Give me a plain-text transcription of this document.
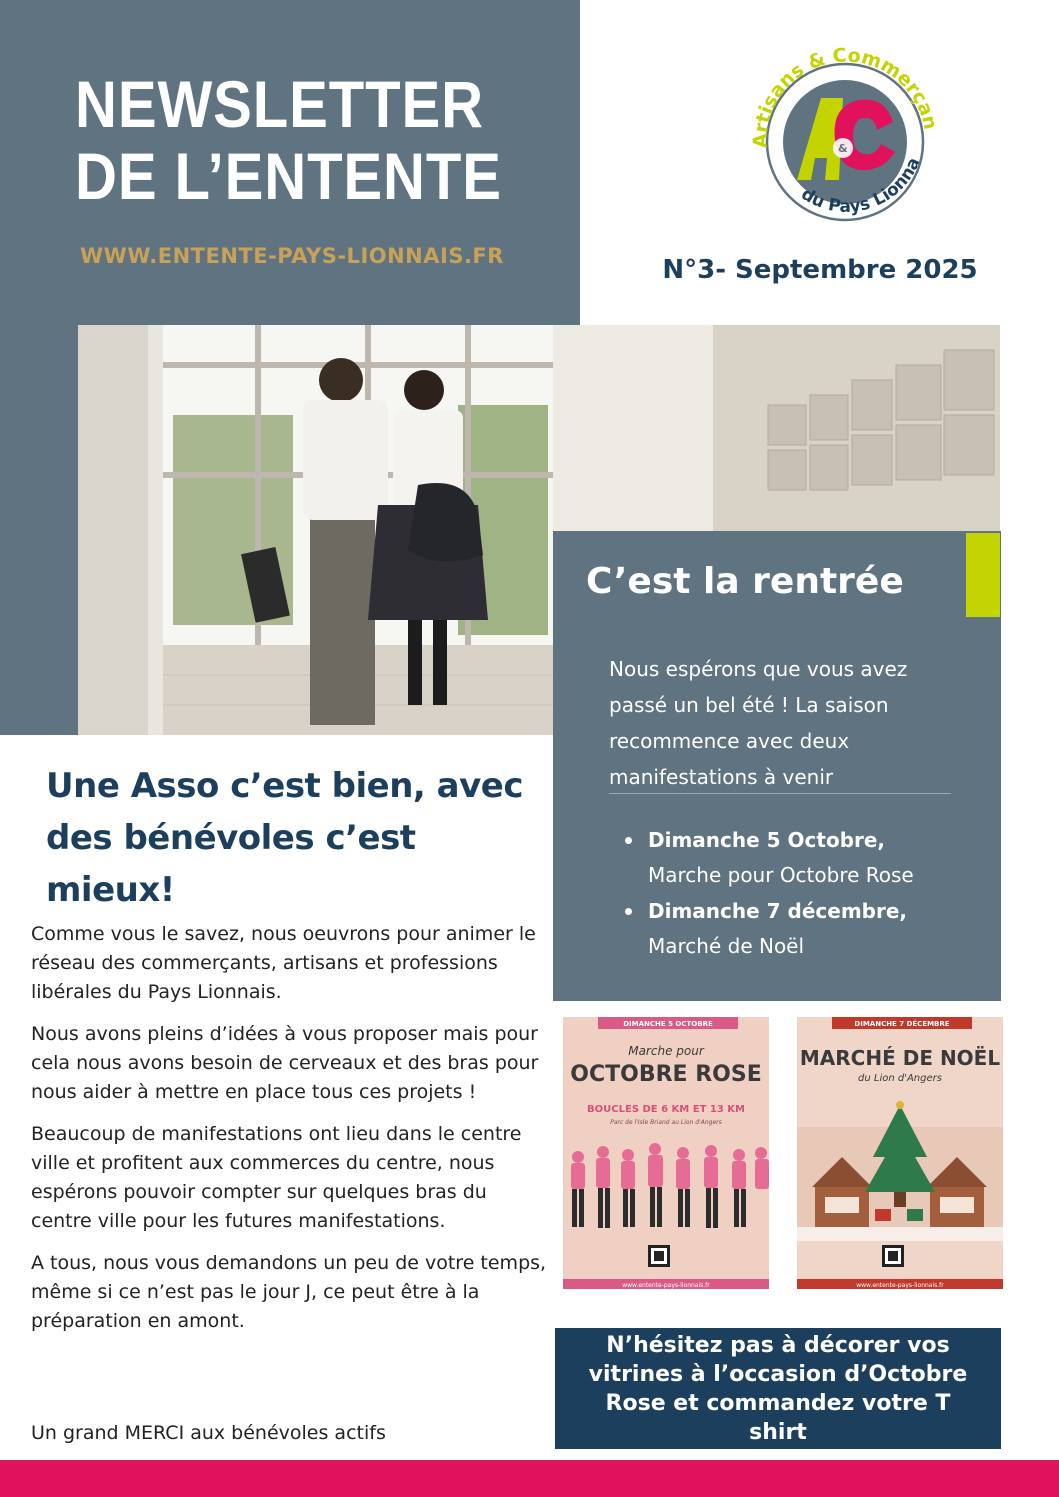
NEWSLETTER
DE L’ENTENTE
WWW.ENTENTE-PAYS-LIONNAIS.FR
&
Artisans & Commerçan
du Pays Lionna
N°3- Septembre 2025
C’est la rentrée
Nous espérons que vous avez passé un bel été ! La saison recommence avec deux manifestations à venir
Dimanche 5 Octobre,
Marche pour Octobre Rose
Dimanche 7 décembre,
Marché de Noël
Une Asso c’est bien, avec des bénévoles c’est mieux!

Comme vous le savez, nous oeuvrons pour animer le réseau des commerçants, artisans et professions libérales du Pays Lionnais.

Nous avons pleins d’idées à vous proposer mais pour cela nous avons besoin de cerveaux et des bras pour nous aider à mettre en place tous ces projets !

Beaucoup de manifestations ont lieu dans le centre ville et profitent aux commerces du centre, nous espérons pouvoir compter sur quelques bras du centre ville pour les futures manifestations.

A tous, nous vous demandons un peu de votre temps, même si ce n’est pas le jour J, ce peut être à la préparation en amont.

Un grand MERCI aux bénévoles actifs
DIMANCHE 5 OCTOBRE
Marche pour
OCTOBRE ROSE
BOUCLES DE 6 KM ET 13 KM
Parc de l'Isle Briand au Lion d'Angers
www.entente-pays-lionnais.fr
DIMANCHE 7 DÉCEMBRE
MARCHÉ DE NOËL
du Lion d'Angers
www.entente-pays-lionnais.fr
N’hésitez pas à décorer vos vitrines à l’occasion d’Octobre Rose et commandez votre T shirt
